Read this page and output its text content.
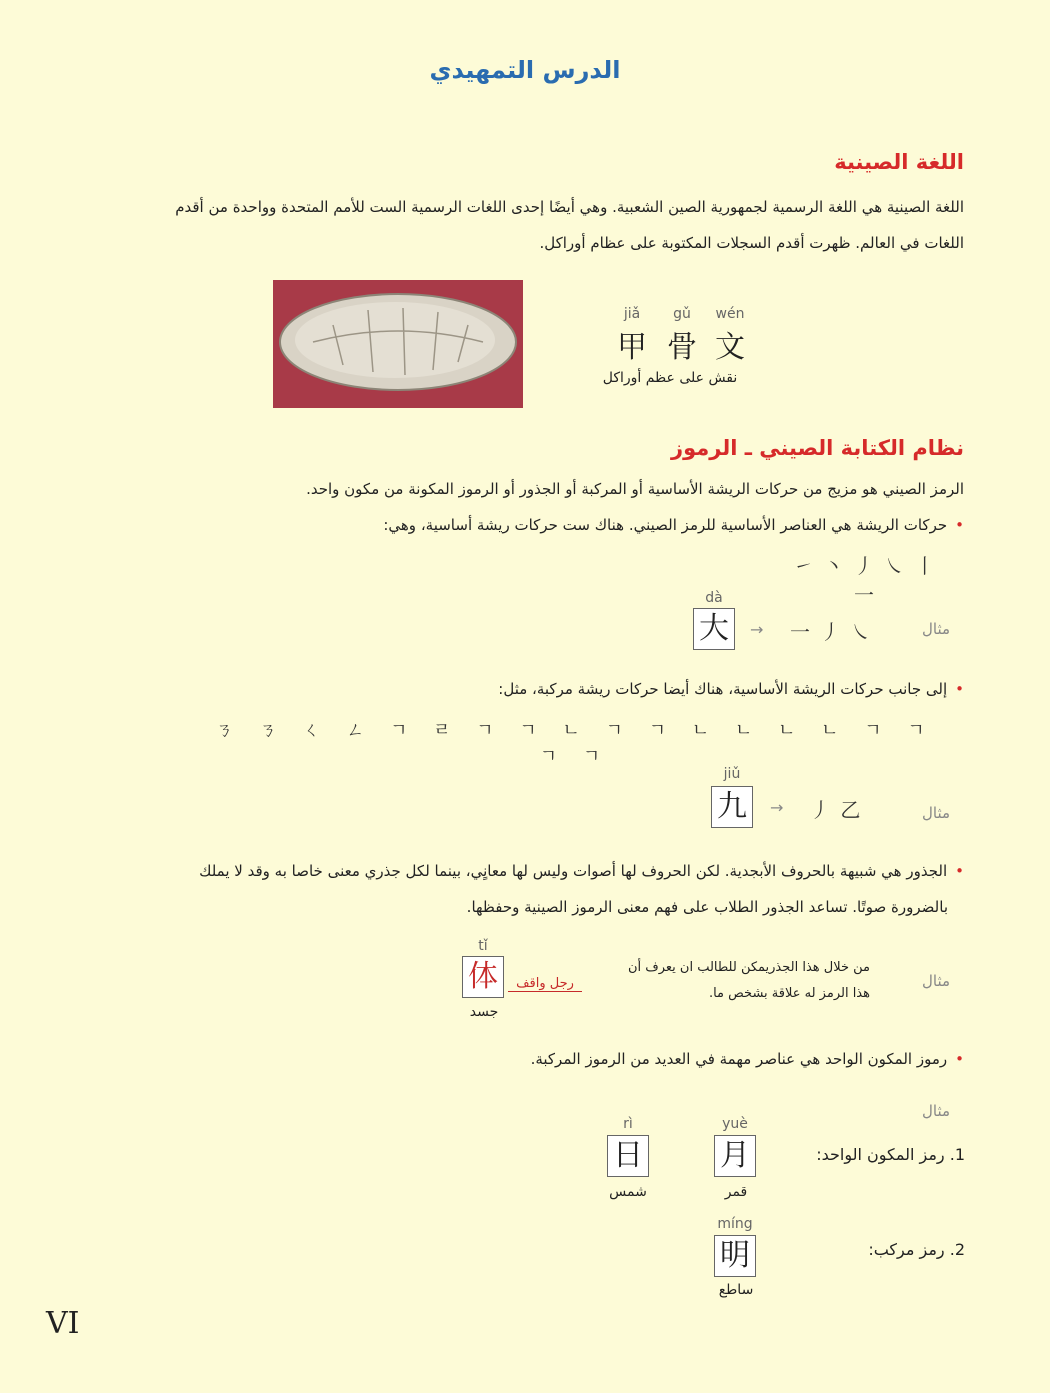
الدرس التمهيدي
اللغة الصينية
اللغة الصينية هي اللغة الرسمية لجمهورية الصين الشعبية. وهي أيضًا إحدى اللغات الرسمية الست للأمم المتحدة وواحدة من أقدم
اللغات في العالم. ظهرت أقدم السجلات المكتوبة على عظام أوراكل.
jiǎ	gǔ	wén
甲 骨 文
نقش على عظم أوراكل
نظام الكتابة الصيني ـ الرموز
الرمز الصيني هو مزيج من حركات الريشة الأساسية أو المركبة أو الجذور أو الرموز المكونة من مكون واحد.
•حركات الريشة هي العناصر الأساسية للرمز الصيني. هناك ست حركات ريشة أساسية، وهي:
㇀ 丶 丿 ㇏ 丨 一
dà
大	→ 一 丿 ㇏	مثال
•إلى جانب حركات الريشة الأساسية، هناك أيضا حركات ريشة مركبة، مثل:
ㄋ ㄋ ㄑ ㄥ ㄱ ㄹ ㄱ ㄱ ㄴ ㄱ ㄱ ㄴ ㄴ ㄴ ㄴ ㄱ ㄱ ㄱ ㄱ
jiǔ
九	→ 丿 乙	مثال
•الجذور هي شبيهة بالحروف الأبجدية. لكن الحروف لها أصوات وليس لها معانٍي، بينما لكل جذري معنى خاصا به وقد لا يملك
بالضرورة صوتًا. تساعد الجذور الطلاب على فهم معنى الرموز الصينية وحفظها.
tǐ
体	رجل واقف
جسد
من خلال هذا الجذريمكن للطالب ان يعرف أن
هذا الرمز له علاقة بشخص ما.
مثال
•رموز المكون الواحد هي عناصر مهمة في العديد من الرموز المركبة.
مثال
1. رمز المكون الواحد:
yuè
月
قمر
rì
日
شمس
2. رمز مركب:
míng
明
ساطع
VI
